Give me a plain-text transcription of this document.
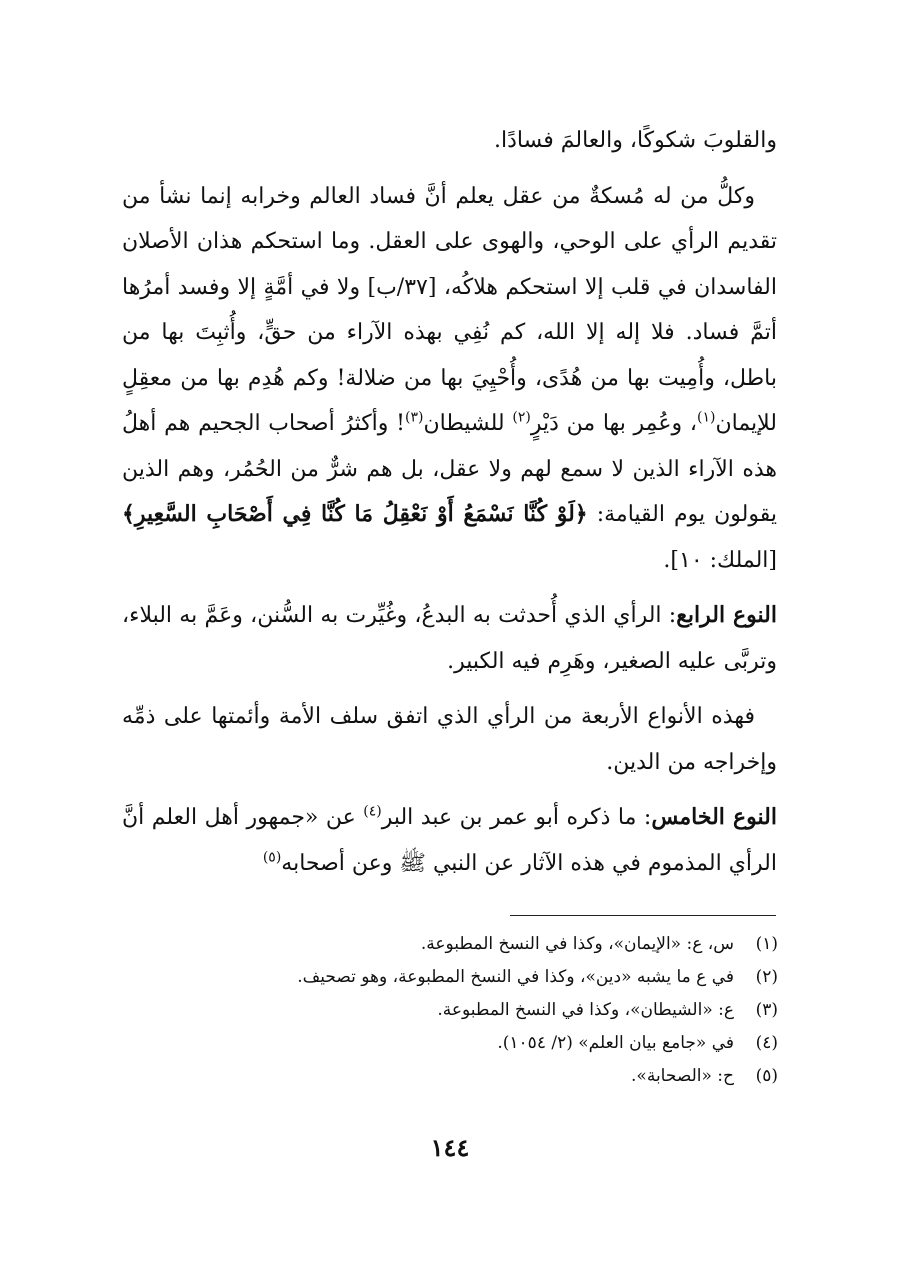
والقلوبَ شكوكًا، والعالمَ فسادًا.

وكلُّ من له مُسكةٌ من عقل يعلم أنَّ فساد العالم وخرابه إنما نشأ من تقديم الرأي على الوحي، والهوى على العقل. وما استحكم هذان الأصلان الفاسدان في قلب إلا استحكم هلاكُه، [٣٧/ب] ولا في أمَّةٍ إلا وفسد أمرُها أتمَّ فساد. فلا إله إلا الله، كم نُفِي بهذه الآراء من حقٍّ، وأُثبِتَ بها من باطل، وأُمِيت بها من هُدًى، وأُحْيِيَ بها من ضلالة! وكم هُدِم بها من معقِلٍ للإيمان$^{(١)}$، وعُمِر بها من دَيْرٍ$^{(٢)}$ للشيطان$^{(٣)}$! وأكثرُ أصحاب الجحيم هم أهلُ هذه الآراء الذين لا سمع لهم ولا عقل، بل هم شرٌّ من الحُمُر، وهم الذين يقولون يوم القيامة: ﴿لَوْ كُنَّا نَسْمَعُ أَوْ نَعْقِلُ مَا كُنَّا فِي أَصْحَابِ السَّعِيرِ﴾ [الملك: ١٠].

النوع الرابع: الرأي الذي أُحدثت به البدعُ، وغُيِّرت به السُّنن، وعَمَّ به البلاء، وتربَّى عليه الصغير، وهَرِم فيه الكبير.

فهذه الأنواع الأربعة من الرأي الذي اتفق سلف الأمة وأئمتها على ذمِّه وإخراجه من الدين.

النوع الخامس: ما ذكره أبو عمر بن عبد البر$^{(٤)}$ عن «جمهور أهل العلم أنَّ الرأي المذموم في هذه الآثار عن النبي ﷺ وعن أصحابه$^{(٥)}$

(١)س، ع: «الإيمان»، وكذا في النسخ المطبوعة.
(٢)في ع ما يشبه «دين»، وكذا في النسخ المطبوعة، وهو تصحيف.
(٣)ع: «الشيطان»، وكذا في النسخ المطبوعة.
(٤)في «جامع بيان العلم» (٢/ ١٠٥٤).
(٥)ح: «الصحابة».
١٤٤
